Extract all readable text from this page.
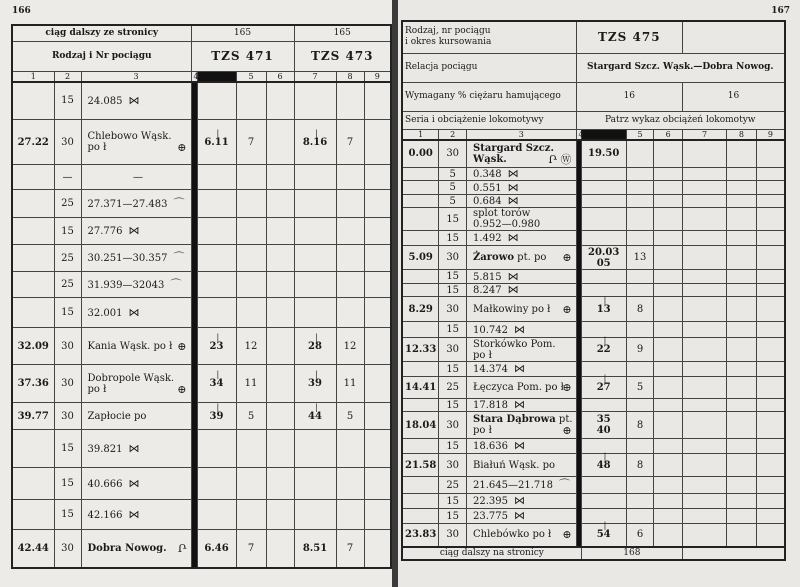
166
ciąg dalszy ze stronicy			165				165		
Rodzaj i Nr pociągu			TZS 471				TZS 473		
1	2	3	4		5	6	7	8	9
	15	24.085 ⋈							
27.22	30	Chlebowo Wąsk.
po ł ⊕		| 6.11	7		| 8.16	7	
	—	—							
	25	27.371—27.483 ⌒							
	15	27.776 ⋈							
	25	30.251—30.357 ⌒							
	25	31.939—32043 ⌒							
	15	32.001 ⋈							
32.09	30	Kania Wąsk. po ł ⊕		| 23	12		| 28	12	
37.36	30	Dobropole Wąsk.
po ł ⊕		| 34	11		| 39	11	
39.77	30	Zapłocie po		| 39	5		| 44	5	
	15	39.821 ⋈							
	15	40.666 ⋈							
	15	42.166 ⋈							
42.44	30	Dobra Nowog. Ր		6.46	7		8.51	7	
167
Rodzaj, nr pociągu
i okres kursowania			TZS 475						
Relacja pociągu			Stargard Szcz. Wąsk.—Dobra Nowog.						
Wymagany % ciężaru hamującego			16				16		
Seria i obciążenie lokomotywy			Patrz wykaz obciążeń lokomotyw						
1	2	3	4		5	6	7	8	9
0.00	30	Stargard Szcz.
Wąsk. Ր Ⓦ		19.50					
	5	0.348 ⋈							
	5	0.551 ⋈							
	5	0.684 ⋈							
	15	splot torów
0.952—0.980							
	15	1.492 ⋈							
5.09	30	Żarowo pt. po ⊕		20.03
05	13				
	15	5.815 ⋈							
	15	8.247 ⋈							
8.29	30	Małkowiny po ł ⊕		| 13	8				
	15	10.742 ⋈							
12.33	30	Storkówko Pom.
po ł		| 22	9				
	15	14.374 ⋈							
14.41	25	Łęczyca Pom. po ł
⊕		| 27	5				
	15	17.818 ⋈							
18.04	30	Stara Dąbrowa pt.
po ł ⊕		35
40	8				
	15	18.636 ⋈							
21.58	30	Białuń Wąsk. po		| 48	8				
	25	21.645—21.718 ⌒							
	15	22.395 ⋈							
	15	23.775 ⋈							
23.83	30	Chlebówko po ł ⊕		| 54	6				
ciąg dalszy na stronicy				168					
